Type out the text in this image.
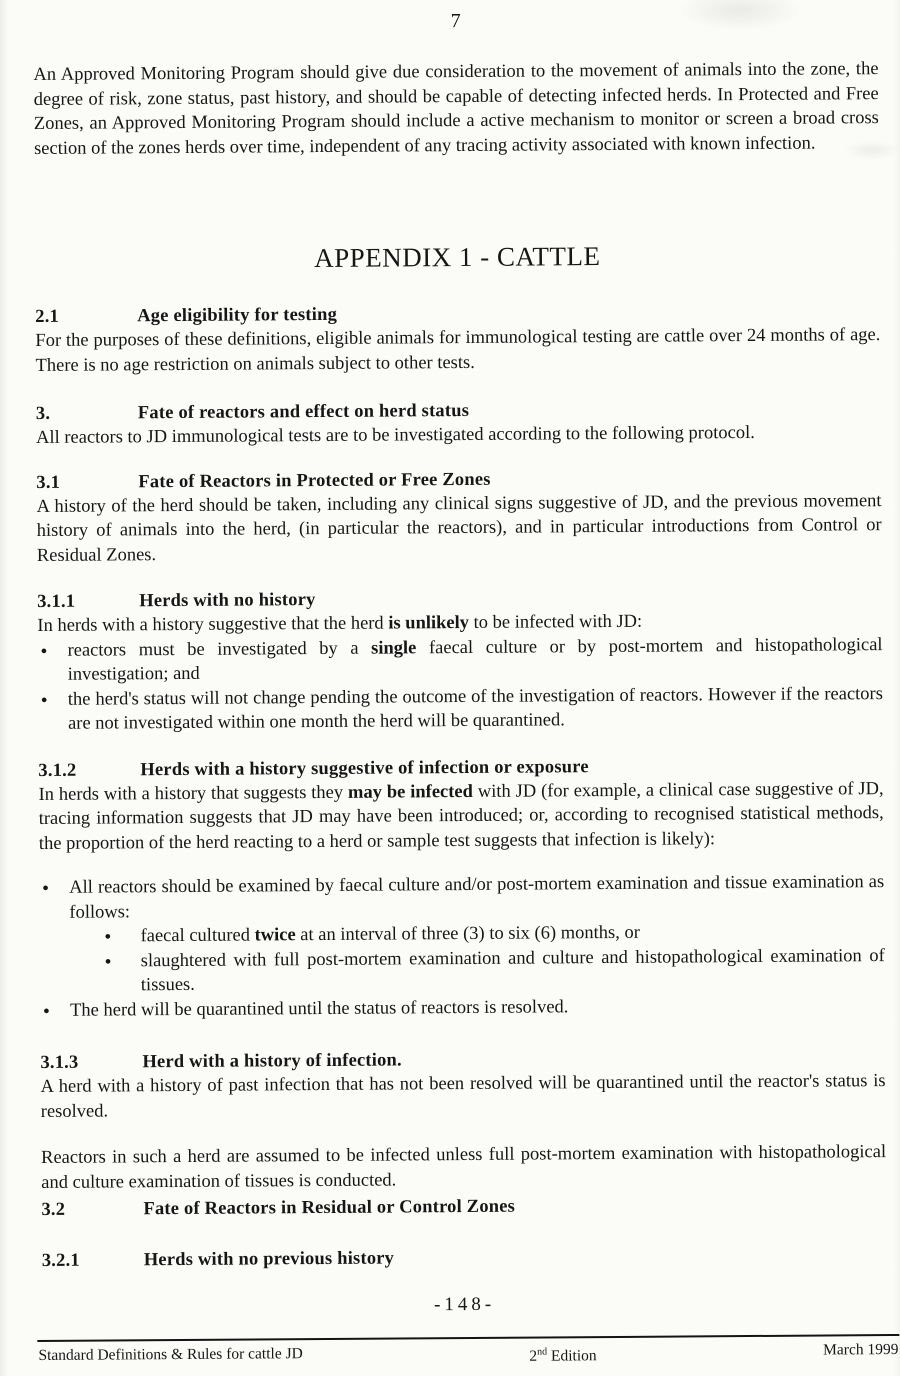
7
An Approved Monitoring Program should give due consideration to the movement of animals into the zone, the degree of risk, zone status, past history, and should be capable of detecting infected herds. In Protected and Free Zones, an Approved Monitoring Program should include a active mechanism to monitor or screen a broad cross section of the zones herds over time, independent of any tracing activity associated with known infection.
APPENDIX 1 - CATTLE
2.1	Age eligibility for testing
For the purposes of these definitions, eligible animals for immunological testing are cattle over 24 months of age. There is no age restriction on animals subject to other tests.
3.	Fate of reactors and effect on herd status
All reactors to JD immunological tests are to be investigated according to the following protocol.
3.1	Fate of Reactors in Protected or Free Zones
A history of the herd should be taken, including any clinical signs suggestive of JD, and the previous movement history of animals into the herd, (in particular the reactors), and in particular introductions from Control or Residual Zones.
3.1.1	Herds with no history
In herds with a history suggestive that the herd is unlikely to be infected with JD:
●	reactors must be investigated by a single faecal culture or by post-mortem and histopathological investigation; and
●	the herd's status will not change pending the outcome of the investigation of reactors. However if the reactors are not investigated within one month the herd will be quarantined.
3.1.2	Herds with a history suggestive of infection or exposure
In herds with a history that suggests they may be infected with JD (for example, a clinical case suggestive of JD, tracing information suggests that JD may have been introduced; or, according to recognised statistical methods, the proportion of the herd reacting to a herd or sample test suggests that infection is likely):
●	All reactors should be examined by faecal culture and/or post-mortem examination and tissue examination as follows:
●	faecal cultured twice at an interval of three (3) to six (6) months, or
●	slaughtered with full post-mortem examination and culture and histopathological examination of tissues.
●	The herd will be quarantined until the status of reactors is resolved.
3.1.3	Herd with a history of infection.
A herd with a history of past infection that has not been resolved will be quarantined until the reactor's status is resolved.
Reactors in such a herd are assumed to be infected unless full post-mortem examination with histopathological and culture examination of tissues is conducted.
3.2	Fate of Reactors in Residual or Control Zones
3.2.1	Herds with no previous history
-148-
Standard Definitions & Rules for cattle JD	2nd Edition	March 1999
